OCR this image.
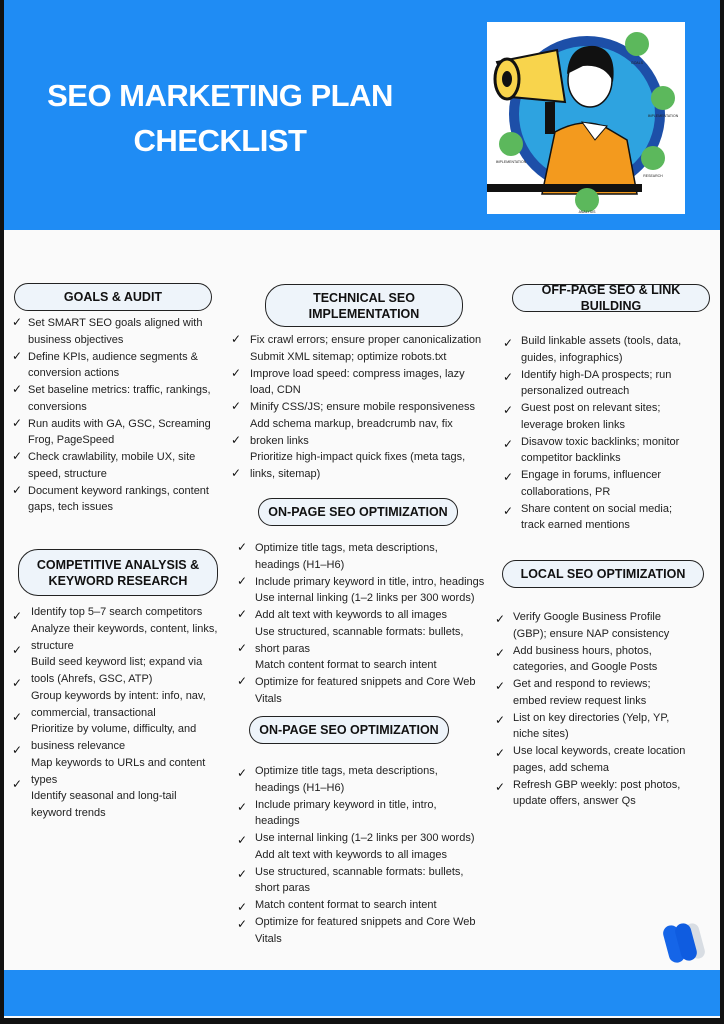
SEO MARKETING PLAN
CHECKLIST
GOALS
IMPLEMENTATION
IMPLEMENTATION
RESEARCH
ANALYSIS
GOALS & AUDIT
✓ Set SMART SEO goals aligned with
business objectives
✓ Define KPIs, audience segments &
conversion actions
✓ Set baseline metrics: traffic, rankings,
conversions
✓ Run audits with GA, GSC, Screaming
Frog, PageSpeed
✓ Check crawlability, mobile UX, site
speed, structure
✓ Document keyword rankings, content
gaps, tech issues
COMPETITIVE ANALYSIS & KEYWORD RESEARCH
✓ Identify top 5–7 search competitors
Analyze their keywords, content, links,
✓ structure
Build seed keyword list; expand via
✓ tools (Ahrefs, GSC, ATP)
Group keywords by intent: info, nav,
✓ commercial, transactional
Prioritize by volume, difficulty, and
✓ business relevance
Map keywords to URLs and content
✓ types
Identify seasonal and long-tail
keyword trends
TECHNICAL SEO IMPLEMENTATION
✓ Fix crawl errors; ensure proper canonicalization
Submit XML sitemap; optimize robots.txt
✓ Improve load speed: compress images, lazy
load, CDN
✓ Minify CSS/JS; ensure mobile responsiveness
Add schema markup, breadcrumb nav, fix
✓ broken links
Prioritize high-impact quick fixes (meta tags,
✓ links, sitemap)
ON-PAGE SEO OPTIMIZATION
✓ Optimize title tags, meta descriptions,
headings (H1–H6)
✓ Include primary keyword in title, intro, headings
Use internal linking (1–2 links per 300 words)
✓ Add alt text with keywords to all images
Use structured, scannable formats: bullets,
✓ short paras
Match content format to search intent
✓ Optimize for featured snippets and Core Web
Vitals
ON-PAGE SEO OPTIMIZATION
✓ Optimize title tags, meta descriptions,
headings (H1–H6)
✓ Include primary keyword in title, intro,
headings
✓ Use internal linking (1–2 links per 300 words)
Add alt text with keywords to all images
✓ Use structured, scannable formats: bullets,
short paras
✓ Match content format to search intent
✓ Optimize for featured snippets and Core Web
Vitals
OFF-PAGE SEO & LINK BUILDING
✓ Build linkable assets (tools, data,
guides, infographics)
✓ Identify high-DA prospects; run
personalized outreach
✓ Guest post on relevant sites;
leverage broken links
✓ Disavow toxic backlinks; monitor
competitor backlinks
✓ Engage in forums, influencer
collaborations, PR
✓ Share content on social media;
track earned mentions
LOCAL SEO OPTIMIZATION
✓ Verify Google Business Profile
(GBP); ensure NAP consistency
✓ Add business hours, photos,
categories, and Google Posts
✓ Get and respond to reviews;
embed review request links
✓ List on key directories (Yelp, YP,
niche sites)
✓ Use local keywords, create location
pages, add schema
✓ Refresh GBP weekly: post photos,
update offers, answer Qs
